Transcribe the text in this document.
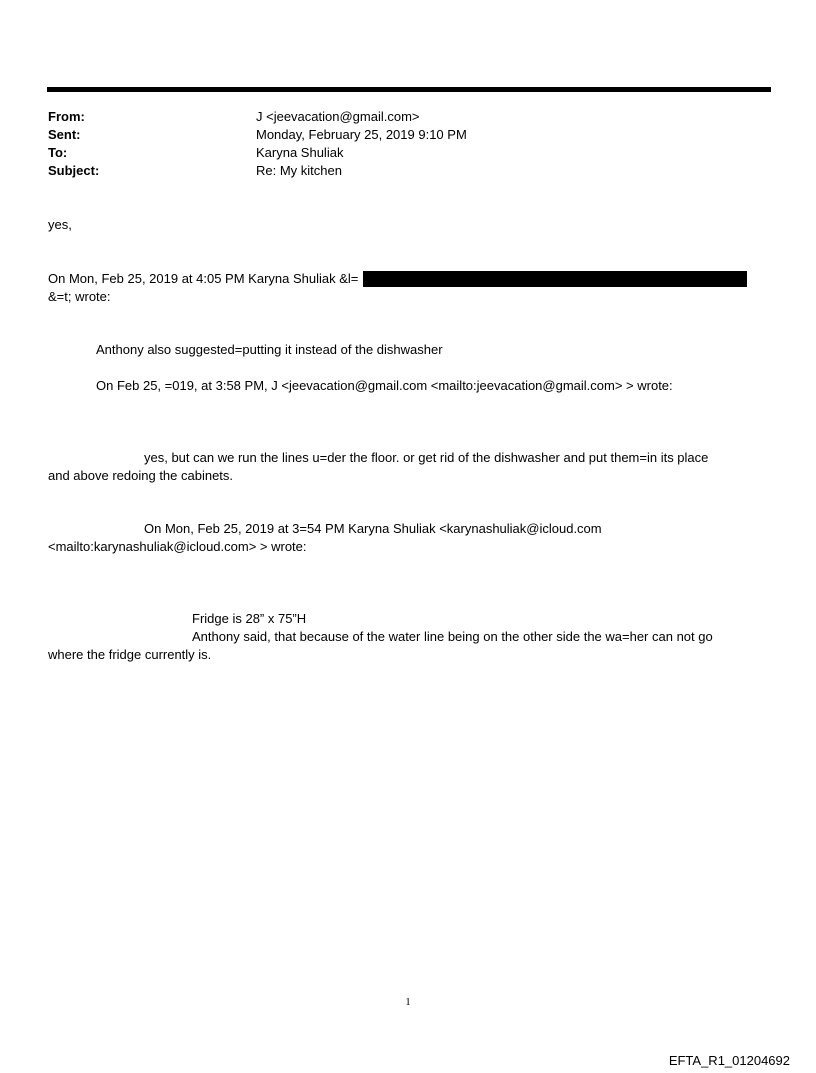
From:	J <jeevacation@gmail.com>
Sent:	Monday, February 25, 2019 9:10 PM
To:	Karyna Shuliak
Subject:	Re: My kitchen
yes,
On Mon, Feb 25, 2019 at 4:05 PM Karyna Shuliak &l=
&=t; wrote:
Anthony also suggested=putting it instead of the dishwasher
On Feb 25, =019, at 3:58 PM, J <jeevacation@gmail.com <mailto:jeevacation@gmail.com> > wrote:
yes, but can we run the lines u=der the floor. or get rid of the dishwasher and put them=in its place
and above redoing the cabinets.
On Mon, Feb 25, 2019 at 3=54 PM Karyna Shuliak <karynashuliak@icloud.com
<mailto:karynashuliak@icloud.com> > wrote:
Fridge is 28” x 75”H
Anthony said, that because of the water line being on the other side the wa=her can not go
where the fridge currently is.
1
EFTA_R1_01204692
